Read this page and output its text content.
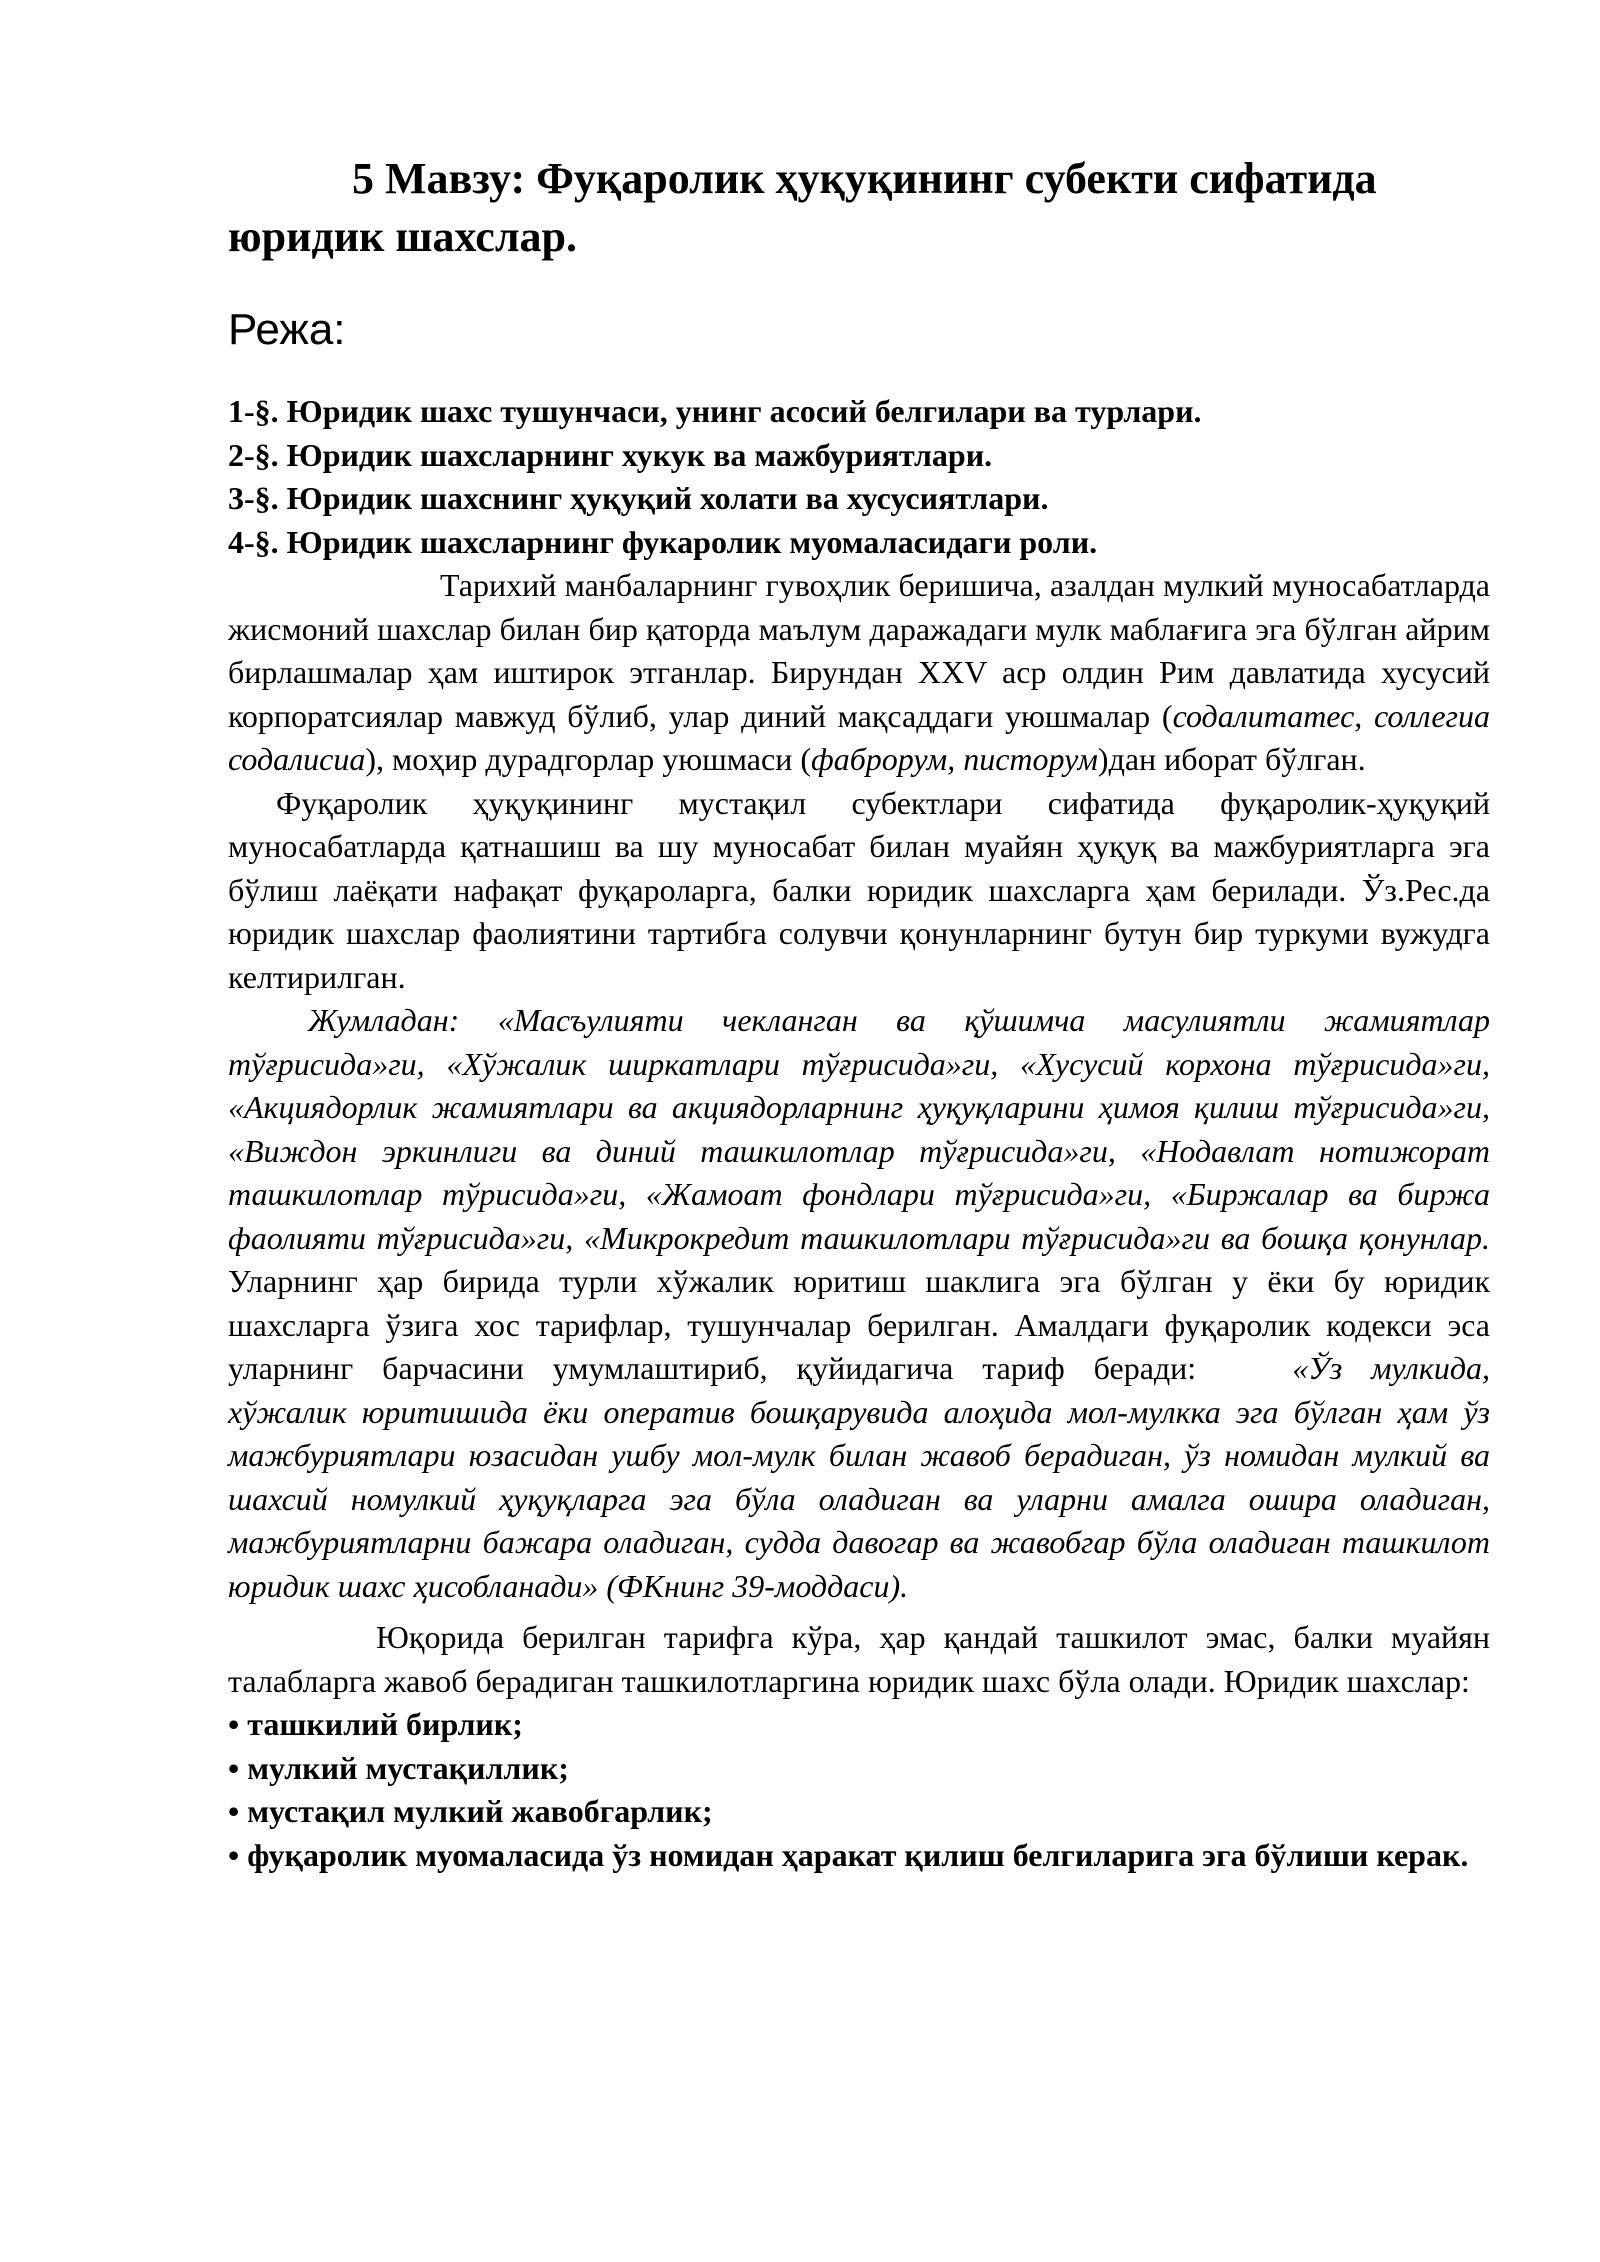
5 Мавзу: Фуқаролик ҳуқуқининг субекти сифатида юридик шахслар.
Режа:
1-§. Юридик шахс тушунчаси, унинг асосий белгилари ва турлари.
2-§. Юридик шахсларнинг хукук ва мажбуриятлари.
3-§. Юридик шахснинг ҳуқуқий холати ва хусусиятлари.
4-§. Юридик шахсларнинг фукаролик муомаласидаги роли.

Тарихий манбаларнинг гувоҳлик беришича, азалдан мулкий муносабатларда жисмоний шахслар билан бир қаторда маълум даражадаги мулк маблағига эга бўлган айрим бирлашмалар ҳам иштирок этганлар. Бирундан XXV аср олдин Рим давлатида хусусий корпоратсиялар мавжуд бўлиб, улар диний мақсаддаги уюшмалар (содалитатес, соллегиа содалисиа), моҳир дурадгорлар уюшмаси (фаброрум, писторум)дан иборат бўлган.

Фуқаролик ҳуқуқининг мустақил субектлари сифатида фуқаролик-ҳуқуқий муносабатларда қатнашиш ва шу муносабат билан муайян ҳуқуқ ва мажбуриятларга эга бўлиш лаёқати нафақат фуқароларга, балки юридик шахсларга ҳам берилади. Ўз.Рес.да юридик шахслар фаолиятини тартибга солувчи қонунларнинг бутун бир туркуми вужудга келтирилган.

Жумладан: «Масъулияти чекланган ва қўшимча масулиятли жамиятлар тўғрисида»ги, «Хўжалик ширкатлари тўғрисида»ги, «Хусусий корхона тўғрисида»ги, «Акциядорлик жамиятлари ва акциядорларнинг ҳуқуқларини ҳимоя қилиш тўғрисида»ги, «Виждон эркинлиги ва диний ташкилотлар тўғрисида»ги, «Нодавлат нотижорат ташкилотлар тўрисида»ги, «Жамоат фондлари тўғрисида»ги, «Биржалар ва биржа фаолияти тўғрисида»ги, «Микрокредит ташкилотлари тўғрисида»ги ва бошқа қонунлар. Уларнинг ҳар бирида турли хўжалик юритиш шаклига эга бўлган у ёки бу юридик шахсларга ўзига хос тарифлар, тушунчалар берилган. Амалдаги фуқаролик кодекси эса уларнинг барчасини умумлаштириб, қуйидагича тариф беради:	«Ўз мулкида, хўжалик юритишида ёки оператив бошқарувида алоҳида мол-мулкка эга бўлган ҳам ўз мажбуриятлари юзасидан ушбу мол-мулк билан жавоб берадиган, ўз номидан мулкий ва шахсий номулкий ҳуқуқларга эга бўла оладиган ва уларни амалга ошира оладиган, мажбуриятларни бажара оладиган, судда давогар ва жавобгар бўла оладиган ташкилот юридик шахс ҳисобланади» (ФКнинг 39-моддаси).

Юқорида берилган тарифга кўра, ҳар қандай ташкилот эмас, балки муайян талабларга жавоб берадиган ташкилотларгина юридик шахс бўла олади. Юридик шахслар:

• ташкилий бирлик;
• мулкий мустақиллик;
• мустақил мулкий жавобгарлик;
• фуқаролик муомаласида ўз номидан ҳаракат қилиш белгиларига эга бўлиши керак.
